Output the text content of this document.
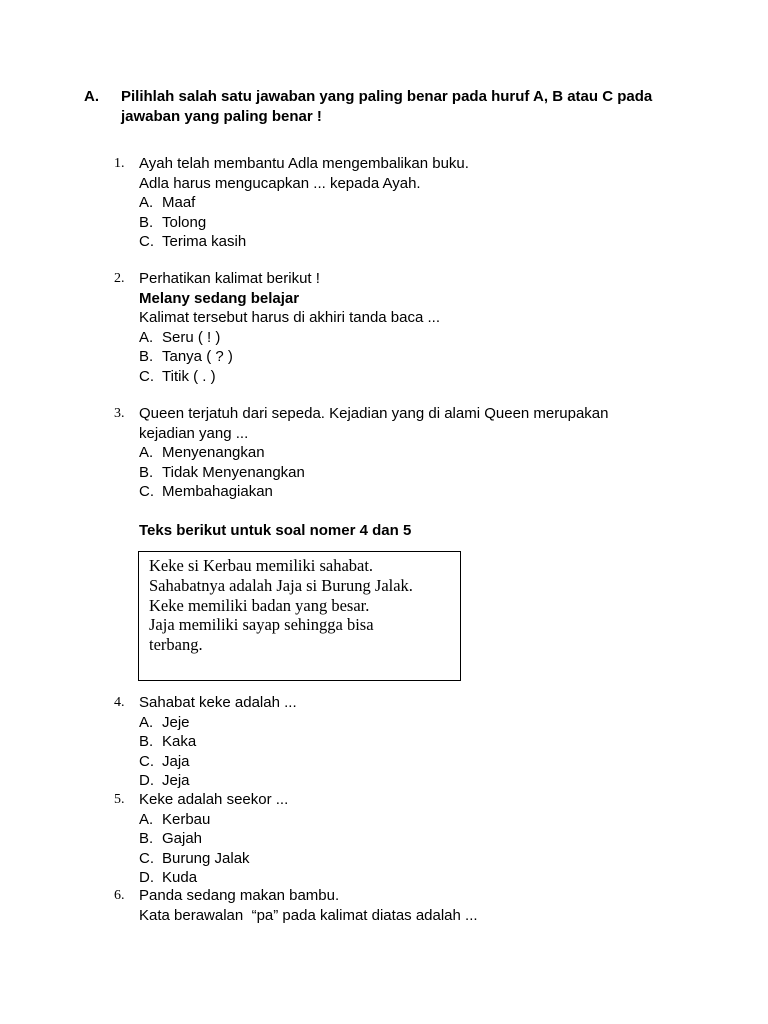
A. Pilihlah salah satu jawaban yang paling benar pada huruf A, B atau C pada
jawaban yang paling benar !
1. Ayah telah membantu Adla mengembalikan buku.
Adla harus mengucapkan ... kepada Ayah.
A. Maaf
B. Tolong
C. Terima kasih
2. Perhatikan kalimat berikut !
Melany sedang belajar
Kalimat tersebut harus di akhiri tanda baca ...
A. Seru ( ! )
B. Tanya ( ? )
C. Titik ( . )
3. Queen terjatuh dari sepeda. Kejadian yang di alami Queen merupakan
kejadian yang ...
A. Menyenangkan
B. Tidak Menyenangkan
C. Membahagiakan
Teks berikut untuk soal nomer 4 dan 5
Keke si Kerbau memiliki sahabat.
Sahabatnya adalah Jaja si Burung Jalak.
Keke memiliki badan yang besar.
Jaja memiliki sayap sehingga bisa
terbang.
4. Sahabat keke adalah ...
A. Jeje
B. Kaka
C. Jaja
D. Jeja
5. Keke adalah seekor ...
A. Kerbau
B. Gajah
C. Burung Jalak
D. Kuda
6. Panda sedang makan bambu.
Kata berawalan  “pa” pada kalimat diatas adalah ...
